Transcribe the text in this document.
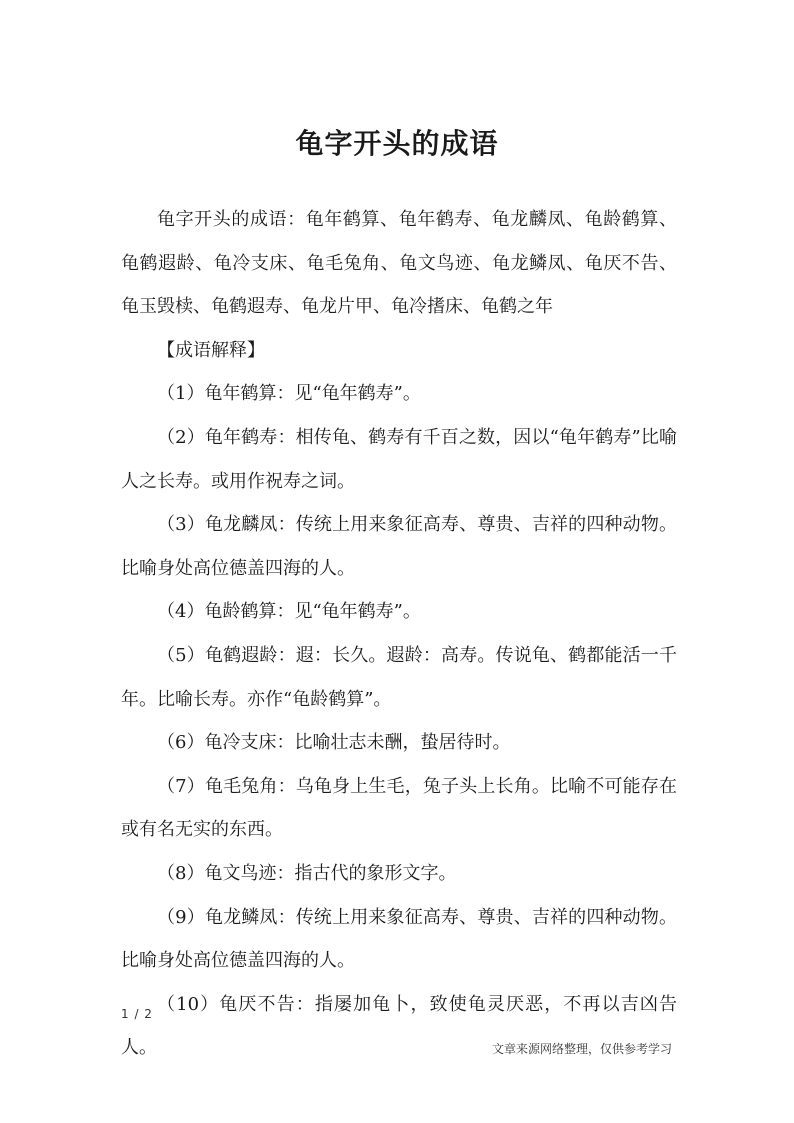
龟字开头的成语

龟字开头的成语：龟年鹤算、龟年鹤寿、龟龙麟凤、龟龄鹤算、龟鹤遐龄、龟冷支床、龟毛兔角、龟文鸟迹、龟龙鳞凤、龟厌不告、龟玉毁椟、龟鹤遐寿、龟龙片甲、龟冷搘床、龟鹤之年

【成语解释】

（1）龟年鹤算：见“龟年鹤寿”。

（2）龟年鹤寿：相传龟、鹤寿有千百之数，因以“龟年鹤寿”比喻人之长寿。或用作祝寿之词。

（3）龟龙麟凤：传统上用来象征高寿、尊贵、吉祥的四种动物。比喻身处高位德盖四海的人。

（4）龟龄鹤算：见“龟年鹤寿”。

（5）龟鹤遐龄：遐：长久。遐龄：高寿。传说龟、鹤都能活一千年。比喻长寿。亦作“龟龄鹤算”。

（6）龟冷支床：比喻壮志未酬，蛰居待时。

（7）龟毛兔角：乌龟身上生毛，兔子头上长角。比喻不可能存在或有名无实的东西。

（8）龟文鸟迹：指古代的象形文字。

（9）龟龙鳞凤：传统上用来象征高寿、尊贵、吉祥的四种动物。比喻身处高位德盖四海的人。

（10）龟厌不告：指屡加龟卜，致使龟灵厌恶，不再以吉凶告人。

1 / 2
文章来源网络整理，仅供参考学习
